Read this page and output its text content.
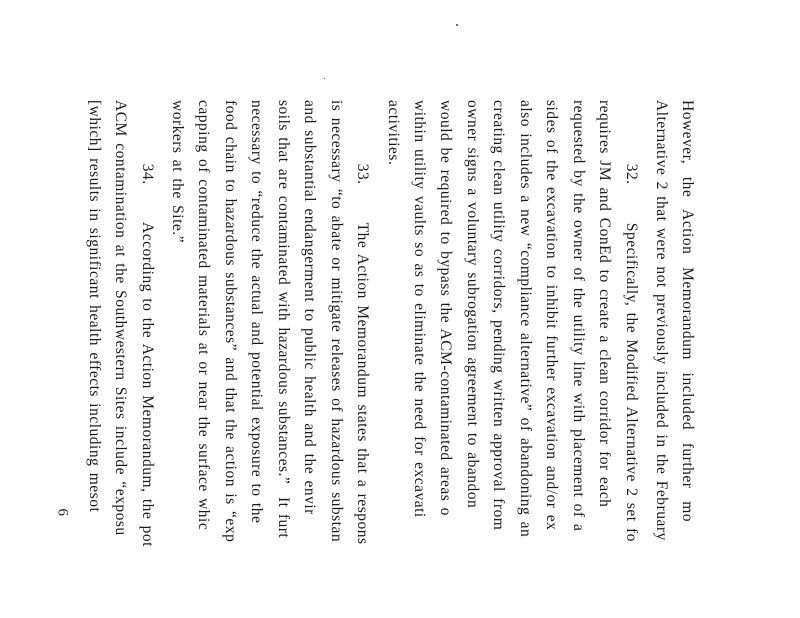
However,  the  Action  Memorandum  included  further  mo
Alternative 2 that were not previously included in the February
32.      Specifically, the Modified Alternative 2 set fo
requires JM and ConEd to create a clean corridor for each
requested by the owner of the utility line with placement of a
sides of the excavation to inhibit further excavation and/or ex
also includes a new “compliance alternative” of abandoning an
creating clean utility corridors, pending written approval from
owner signs a voluntary subrogation agreement to abandon
would be required to bypass the ACM-contaminated areas o
within utility vaults so as to eliminate the need for excavati
activities.
33.      The Action Memorandum states that a respons
is necessary “to abate or mitigate releases of hazardous substan
and substantial endangerment to public health and the envir
soils that are contaminated with hazardous substances.”  It furt
necessary to “reduce the actual and potential exposure to the
food chain to hazardous substances” and that the action is “exp
capping of contaminated materials at or near the surface whic
workers at the Site.”
34.      According to the Action Memorandum, the pot
ACM contamination at the Southwestern Sites include “exposu
[which] results in significant health effects including mesot
6
